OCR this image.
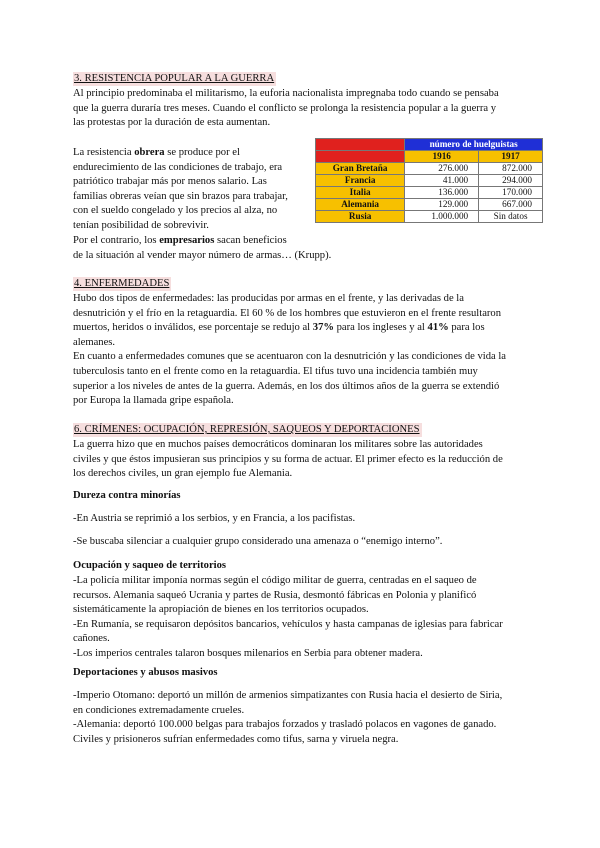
3. RESISTENCIA POPULAR A LA GUERRA

Al principio predominaba el militarismo, la euforia nacionalista impregnaba todo cuando se pensaba

que la guerra duraría tres meses. Cuando el conflicto se prolonga la resistencia popular a la guerra y

las protestas por la duración de esta aumentan.

La resistencia obrera se produce por el

endurecimiento de las condiciones de trabajo, era

patriótico trabajar más por menos salario. Las

familias obreras veían que sin brazos para trabajar,

con el sueldo congelado y los precios al alza, no

tenían posibilidad de sobrevivir.

Por el contrario, los empresarios sacan beneficios
de la situación al vender mayor número de armas… (Krupp).
	número de huelguistas	
	1916	1917
Gran Bretaña	276.000	872.000
Francia	41.000	294.000
Italia	136.000	170.000
Alemania	129.000	667.000
Rusia	1.000.000	Sin datos
4. ENFERMEDADES

Hubo dos tipos de enfermedades: las producidas por armas en el frente, y las derivadas de la

desnutrición y el frío en la retaguardia. El 60 % de los hombres que estuvieron en el frente resultaron

muertos, heridos o inválidos, ese porcentaje se redujo al 37% para los ingleses y al 41% para los

alemanes.

En cuanto a enfermedades comunes que se acentuaron con la desnutrición y las condiciones de vida la

tuberculosis tanto en el frente como en la retaguardia. El tifus tuvo una incidencia también muy

superior a los niveles de antes de la guerra. Además, en los dos últimos años de la guerra se extendió

por Europa la llamada gripe española.

6. CRÍMENES: OCUPACIÓN, REPRESIÓN, SAQUEOS Y DEPORTACIONES

La guerra hizo que en muchos países democráticos dominaran los militares sobre las autoridades

civiles y que éstos impusieran sus principios y su forma de actuar. El primer efecto es la reducción de

los derechos civiles, un gran ejemplo fue Alemania.

Dureza contra minorías
-En Austria se reprimió a los serbios, y en Francia, a los pacifistas.
-Se buscaba silenciar a cualquier grupo considerado una amenaza o “enemigo interno”.
Ocupación y saqueo de territorios

-La policía militar imponía normas según el código militar de guerra, centradas en el saqueo de

recursos. Alemania saqueó Ucrania y partes de Rusia, desmontó fábricas en Polonia y planificó

sistemáticamente la apropiación de bienes en los territorios ocupados.

-En Rumanía, se requisaron depósitos bancarios, vehículos y hasta campanas de iglesias para fabricar

cañones.

-Los imperios centrales talaron bosques milenarios en Serbia para obtener madera.

Deportaciones y abusos masivos

-Imperio Otomano: deportó un millón de armenios simpatizantes con Rusia hacia el desierto de Siria,

en condiciones extremadamente crueles.

-Alemania: deportó 100.000 belgas para trabajos forzados y trasladó polacos en vagones de ganado.

Civiles y prisioneros sufrían enfermedades como tifus, sarna y viruela negra.
